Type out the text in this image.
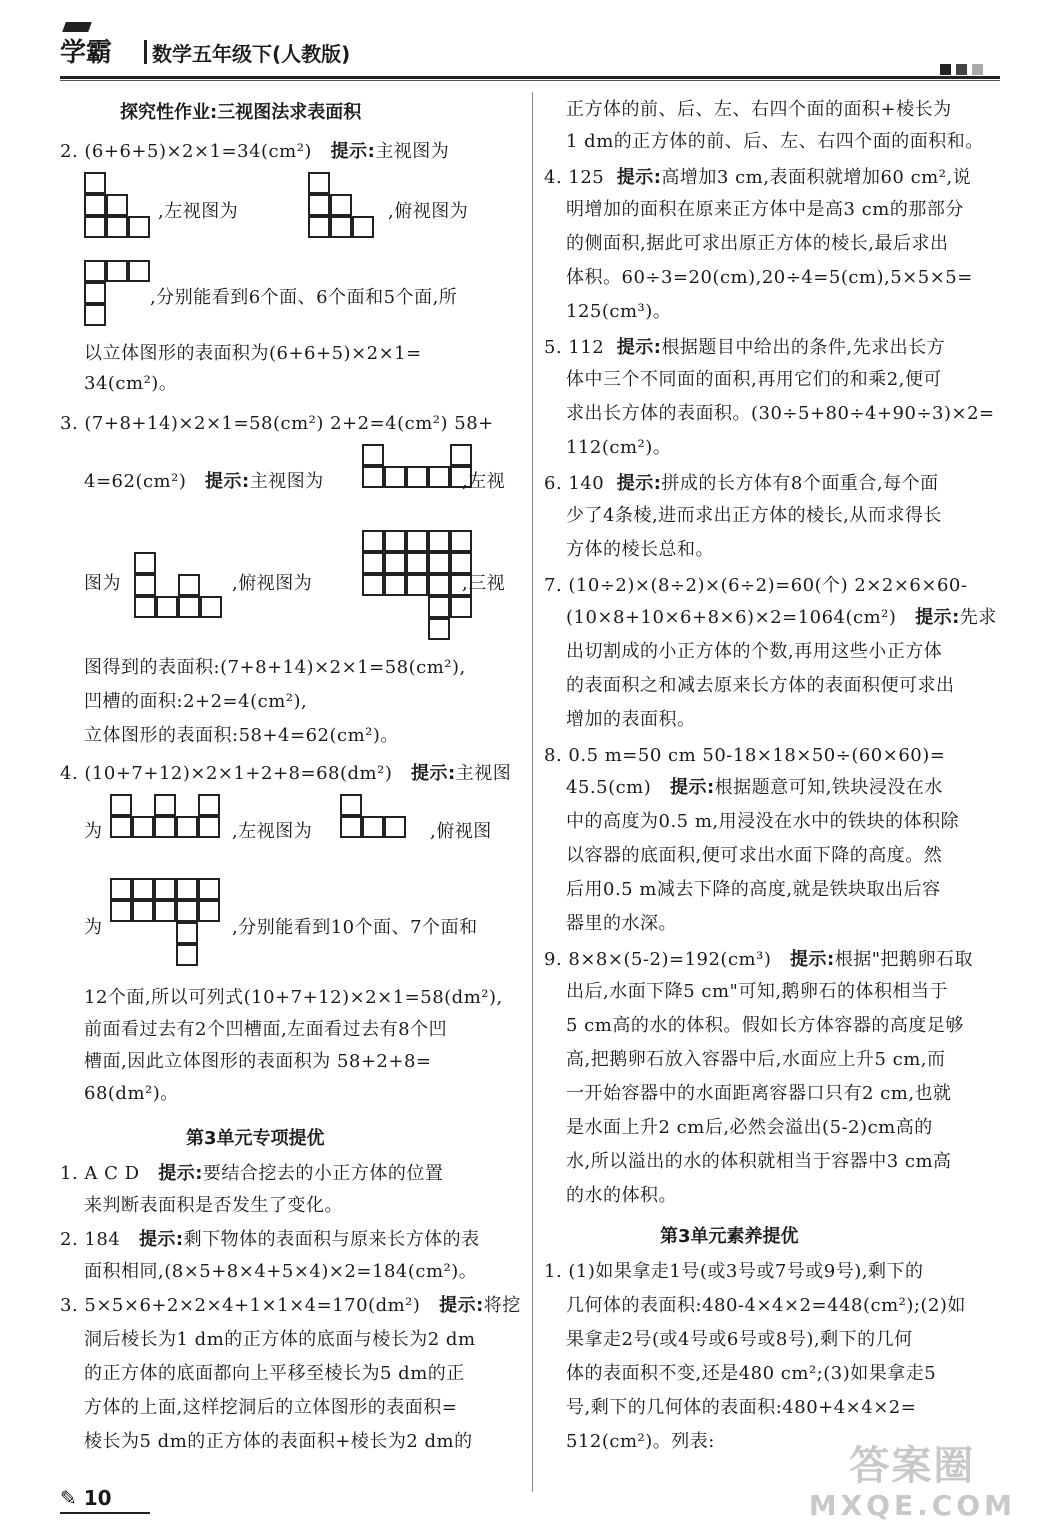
学霸 数学五年级下(人教版)
探究性作业:三视图法求表面积
2. (6+6+5)×2×1=34(cm²) 提示:主视图为
,左视图为	,俯视图为
,分别能看到6个面、6个面和5个面,所
以立体图形的表面积为(6+6+5)×2×1=
34(cm²)。
3. (7+8+14)×2×1=58(cm²) 2+2=4(cm²) 58+
4=62(cm²) 提示:主视图为	,左视
图为	,俯视图为	,三视
图得到的表面积:(7+8+14)×2×1=58(cm²),
凹槽的面积:2+2=4(cm²),
立体图形的表面积:58+4=62(cm²)。
4. (10+7+12)×2×1+2+8=68(dm²) 提示:主视图
为	,左视图为	,俯视图
为	,分别能看到10个面、7个面和
12个面,所以可列式(10+7+12)×2×1=58(dm²),
前面看过去有2个凹槽面,左面看过去有8个凹
槽面,因此立体图形的表面积为 58+2+8=
68(dm²)。
第3单元专项提优
1. A C D 提示:要结合挖去的小正方体的位置
来判断表面积是否发生了变化。
2. 184 提示:剩下物体的表面积与原来长方体的表
面积相同,(8×5+8×4+5×4)×2=184(cm²)。
3. 5×5×6+2×2×4+1×1×4=170(dm²) 提示:将挖
洞后棱长为1 dm的正方体的底面与棱长为2 dm
的正方体的底面都向上平移至棱长为5 dm的正
方体的上面,这样挖洞后的立体图形的表面积=
棱长为5 dm的正方体的表面积+棱长为2 dm的
正方体的前、后、左、右四个面的面积+棱长为
1 dm的正方体的前、后、左、右四个面的面积和。
4. 125 提示:高增加3 cm,表面积就增加60 cm²,说
明增加的面积在原来正方体中是高3 cm的那部分
的侧面积,据此可求出原正方体的棱长,最后求出
体积。60÷3=20(cm),20÷4=5(cm),5×5×5=
125(cm³)。
5. 112 提示:根据题目中给出的条件,先求出长方
体中三个不同面的面积,再用它们的和乘2,便可
求出长方体的表面积。(30÷5+80÷4+90÷3)×2=
112(cm²)。
6. 140 提示:拼成的长方体有8个面重合,每个面
少了4条棱,进而求出正方体的棱长,从而求得长
方体的棱长总和。
7. (10÷2)×(8÷2)×(6÷2)=60(个) 2×2×6×60-
(10×8+10×6+8×6)×2=1064(cm²) 提示:先求
出切割成的小正方体的个数,再用这些小正方体
的表面积之和减去原来长方体的表面积便可求出
增加的表面积。
8. 0.5 m=50 cm 50-18×18×50÷(60×60)=
45.5(cm) 提示:根据题意可知,铁块浸没在水
中的高度为0.5 m,用浸没在水中的铁块的体积除
以容器的底面积,便可求出水面下降的高度。然
后用0.5 m减去下降的高度,就是铁块取出后容
器里的水深。
9. 8×8×(5-2)=192(cm³) 提示:根据"把鹅卵石取
出后,水面下降5 cm"可知,鹅卵石的体积相当于
5 cm高的水的体积。假如长方体容器的高度足够
高,把鹅卵石放入容器中后,水面应上升5 cm,而
一开始容器中的水面距离容器口只有2 cm,也就
是水面上升2 cm后,必然会溢出(5-2)cm高的
水,所以溢出的水的体积就相当于容器中3 cm高
的水的体积。
第3单元素养提优
1. (1)如果拿走1号(或3号或7号或9号),剩下的
几何体的表面积:480-4×4×2=448(cm²);(2)如
果拿走2号(或4号或6号或8号),剩下的几何
体的表面积不变,还是480 cm²;(3)如果拿走5
号,剩下的几何体的表面积:480+4×4×2=
512(cm²)。列表:
✎ 10
答案圈
MXQE.COM
